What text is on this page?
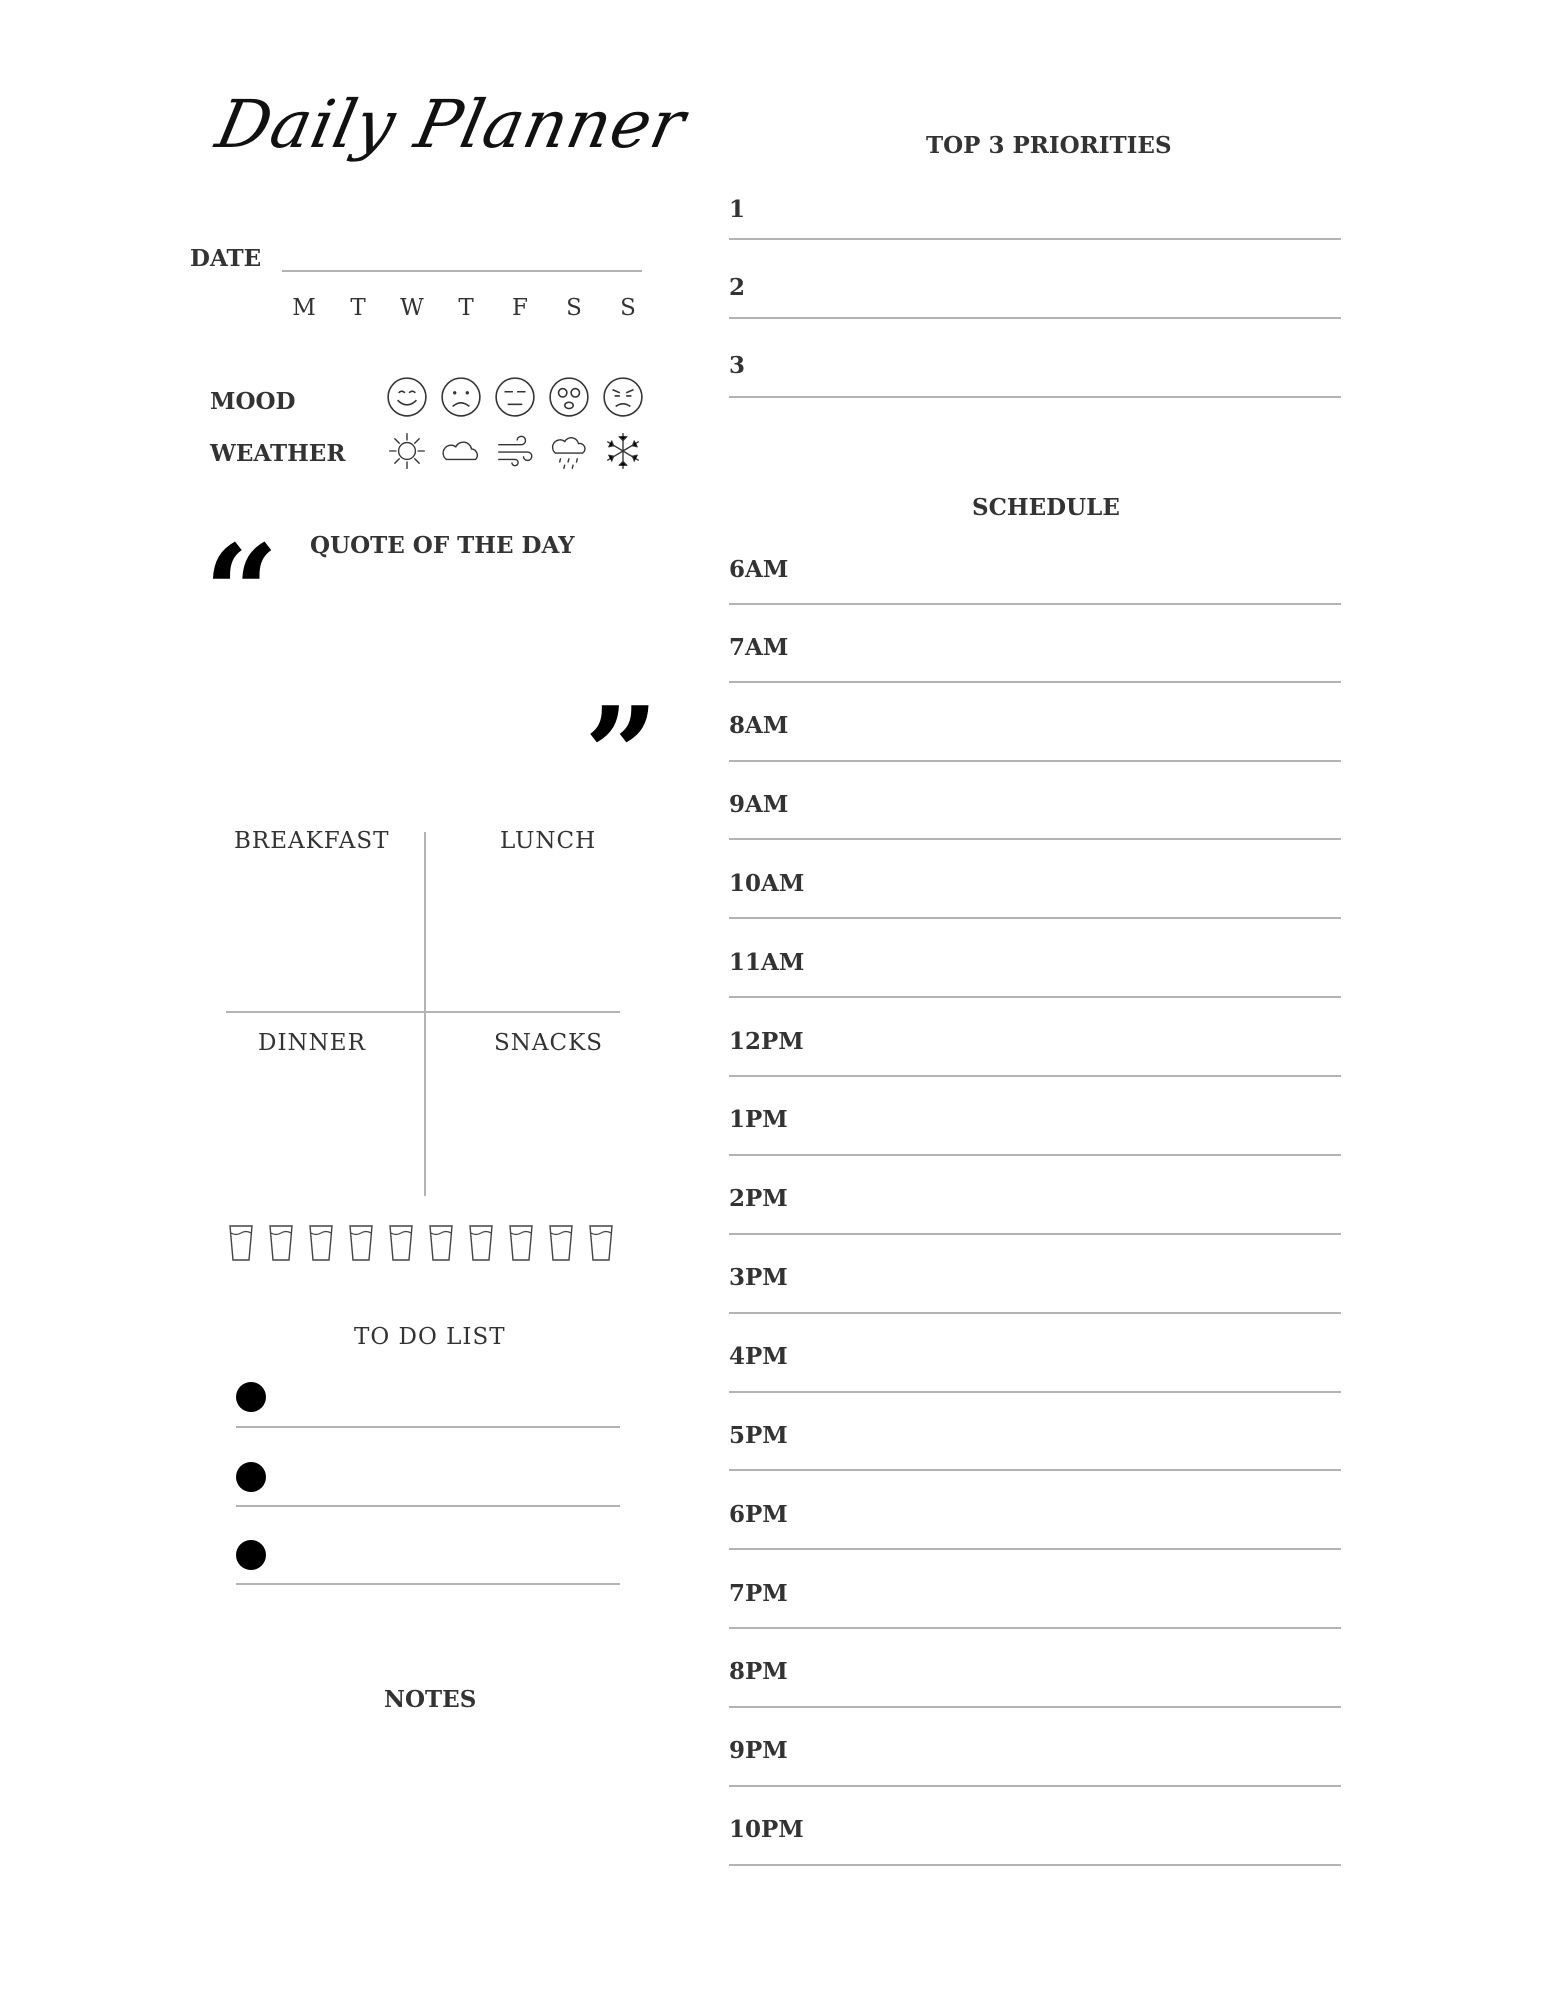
Daily Planner
DATE
M	T	W	T	F	S	S
MOOD
WEATHER
“ QUOTE OF THE DAY
”
BREAKFAST	LUNCH
DINNER	SNACKS
TO DO LIST
NOTES
TOP 3 PRIORITIES
1
2
3
SCHEDULE
6AM
7AM
8AM
9AM
10AM
11AM
12PM
1PM
2PM
3PM
4PM
5PM
6PM
7PM
8PM
9PM
10PM
